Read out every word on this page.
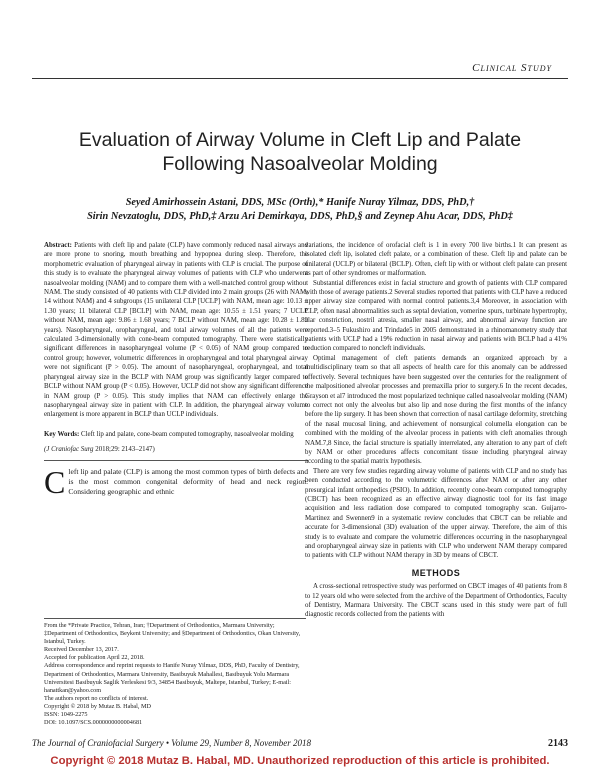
Clinical Study
Evaluation of Airway Volume in Cleft Lip and Palate Following Nasoalveolar Molding
Seyed Amirhossein Astani, DDS, MSc (Orth),* Hanife Nuray Yilmaz, DDS, PhD,†
Sirin Nevzatoglu, DDS, PhD,‡ Arzu Ari Demirkaya, DDS, PhD,§ and Zeynep Ahu Acar, DDS, PhD‡

Abstract: Patients with cleft lip and palate (CLP) have commonly reduced nasal airways and are more prone to snoring, mouth breathing and hypopnea during sleep. Therefore, the morphometric evaluation of pharyngeal airway in patients with CLP is crucial. The purpose of this study is to evaluate the pharyngeal airway volumes of patients with CLP who underwent nasoalveolar molding (NAM) and to compare them with a well-matched control group without NAM. The study consisted of 40 patients with CLP divided into 2 main groups (26 with NAM; 14 without NAM) and 4 subgroups (15 unilateral CLP [UCLP] with NAM, mean age: 10.13 ± 1.30 years; 11 bilateral CLP [BCLP] with NAM, mean age: 10.55 ± 1.51 years; 7 UCLP without NAM, mean age: 9.86 ± 1.68 years; 7 BCLP without NAM, mean age: 10.28 ± 1.89 years). Nasopharyngeal, oropharyngeal, and total airway volumes of all the patients were calculated 3-dimensionally with cone-beam computed tomography. There were statistically significant differences in nasopharyngeal volume (P < 0.05) of NAM group compared to control group; however, volumetric differences in oropharyngeal and total pharyngeal airway were not significant (P > 0.05). The amount of nasopharyngeal, oropharyngeal, and total pharyngeal airway size in the BCLP with NAM group was significantly larger compared to BCLP without NAM group (P < 0.05). However, UCLP did not show any significant difference in NAM group (P > 0.05). This study implies that NAM can effectively enlarge the nasopharyngeal airway size in patient with CLP. In addition, the pharyngeal airway volume enlargement is more apparent in BCLP than UCLP individuals.

Key Words: Cleft lip and palate, cone-beam computed tomography, nasoalveolar molding

(J Craniofac Surg 2018;29: 2143–2147)

Cleft lip and palate (CLP) is among the most common types of birth defects and is the most common congenital deformity of head and neck region. Considering geographic and ethnic

From the *Private Practice, Tehran, Iran; †Department of Orthodontics, Marmara University; ‡Department of Orthodontics, Beykent University; and §Department of Orthodontics, Okan University, Istanbul, Turkey.
Received December 13, 2017.
Accepted for publication April 22, 2018.
Address correspondence and reprint requests to Hanife Nuray Yilmaz, DDS, PhD, Faculty of Dentistry, Department of Orthodontics, Marmara University, Basibuyuk Mahallesi, Basibuyuk Yolu Marmara Universitesi Basibuyuk Saglik Yerleskesi 9/3, 34854 Basibuyuk, Maltepe, Istanbul, Turkey; E-mail: hanattkan@yahoo.com
The authors report no conflicts of interest.
Copyright © 2018 by Mutaz B. Habal, MD
ISSN: 1049-2275
DOI: 10.1097/SCS.0000000000004681

variations, the incidence of orofacial cleft is 1 in every 700 live births.1 It can present as isolated cleft lip, isolated cleft palate, or a combination of these. Cleft lip and palate can be unilateral (UCLP) or bilateral (BCLP). Often, cleft lip with or without cleft palate can present as part of other syndromes or malformation.

Substantial differences exist in facial structure and growth of patients with CLP compared with those of average patients.2 Several studies reported that patients with CLP have a reduced upper airway size compared with normal control patients.3,4 Moreover, in association with CLP, often nasal abnormalities such as septal deviation, vomerine spurs, turbinate hypertrophy, alar constriction, nostril atresia, smaller nasal airway, and abnormal airway function are reported.3–5 Fukushiro and Trindade5 in 2005 demonstrated in a rhinomanometry study that patients with UCLP had a 19% reduction in nasal airway and patients with BCLP had a 41% reduction compared to noncleft individuals.

Optimal management of cleft patients demands an organized approach by a multidisciplinary team so that all aspects of health care for this anomaly can be addressed effectively. Several techniques have been suggested over the centuries for the realignment of the malpositioned alveolar processes and premaxilla prior to surgery.6 In the recent decades, Grayson et al7 introduced the most popularized technique called nasoalveolar molding (NAM) to correct not only the alveolus but also lip and nose during the first months of the infancy before the lip surgery. It has been shown that correction of nasal cartilage deformity, stretching of the nasal mucosal lining, and achievement of nonsurgical columella elongation can be combined with the molding of the alveolar process in patients with cleft anomalies through NAM.7,8 Since, the facial structure is spatially interrelated, any alteration to any part of cleft by NAM or other procedures affects concomitant tissue including pharyngeal airway according to the spatial matrix hypothesis.

There are very few studies regarding airway volume of patients with CLP and no study has been conducted according to the volumetric differences after NAM or after any other presurgical infant orthopedics (PSIO). In addition, recently cone-beam computed tomography (CBCT) has been recognized as an effective airway diagnostic tool for its fast image acquisition and less radiation dose compared to computed tomography scan. Guijarro-Martinez and Swennen9 in a systematic review concludes that CBCT can be reliable and accurate for 3-dimensional (3D) evaluation of the upper airway. Therefore, the aim of this study is to evaluate and compare the volumetric differences occurring in the nasopharyngeal and oropharyngeal airway size in patients with CLP who underwent NAM therapy compared to patients with CLP without NAM therapy in 3D by means of CBCT.

METHODS

A cross-sectional retrospective study was performed on CBCT images of 40 patients from 8 to 12 years old who were selected from the archive of the Department of Orthodontics, Faculty of Dentistry, Marmara University. The CBCT scans used in this study were part of full diagnostic records collected from the patients with

The Journal of Craniofacial Surgery • Volume 29, Number 8, November 2018	2143
Copyright © 2018 Mutaz B. Habal, MD. Unauthorized reproduction of this article is prohibited.
